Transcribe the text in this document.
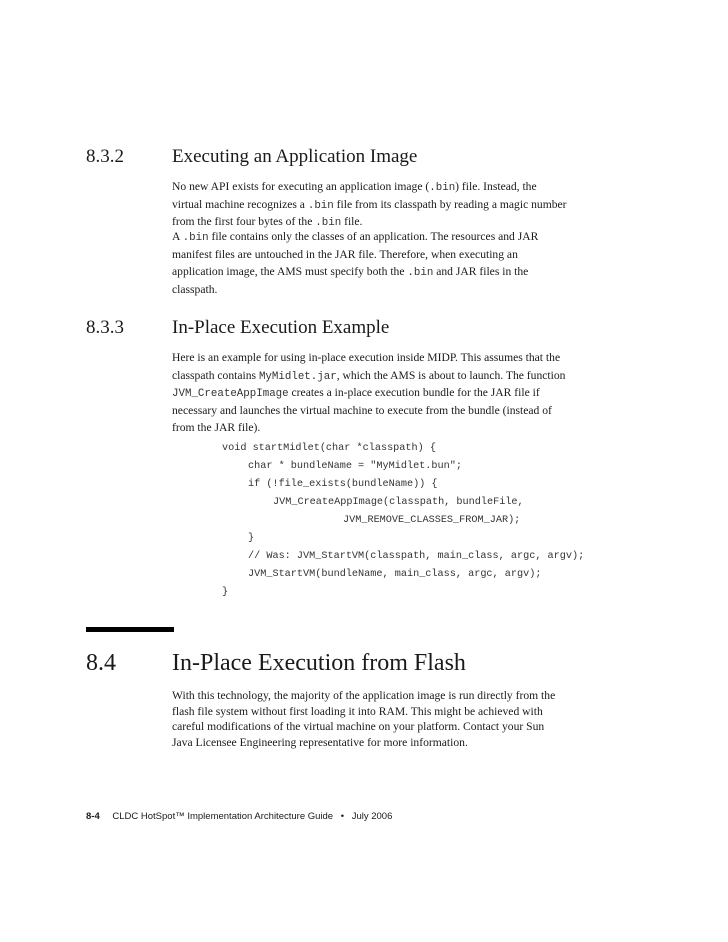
8.3.2	Executing an Application Image
No new API exists for executing an application image (.bin) file. Instead, the
virtual machine recognizes a .bin file from its classpath by reading a magic number
from the first four bytes of the .bin file.
A .bin file contains only the classes of an application. The resources and JAR
manifest files are untouched in the JAR file. Therefore, when executing an
application image, the AMS must specify both the .bin and JAR files in the
classpath.
8.3.3	In-Place Execution Example
Here is an example for using in-place execution inside MIDP. This assumes that the
classpath contains MyMidlet.jar, which the AMS is about to launch. The function
JVM_CreateAppImage creates a in-place execution bundle for the JAR file if
necessary and launches the virtual machine to execute from the bundle (instead of
from the JAR file).
void startMidlet(char *classpath) {
char * bundleName = "MyMidlet.bun";
if (!file_exists(bundleName)) {
JVM_CreateAppImage(classpath, bundleFile,
JVM_REMOVE_CLASSES_FROM_JAR);
}
// Was: JVM_StartVM(classpath, main_class, argc, argv);
JVM_StartVM(bundleName, main_class, argc, argv);
}
8.4 In-Place Execution from Flash
With this technology, the majority of the application image is run directly from the
flash file system without first loading it into RAM. This might be achieved with
careful modifications of the virtual machine on your platform. Contact your Sun
Java Licensee Engineering representative for more information.
8-4 CLDC HotSpot™ Implementation Architecture Guide • July 2006
